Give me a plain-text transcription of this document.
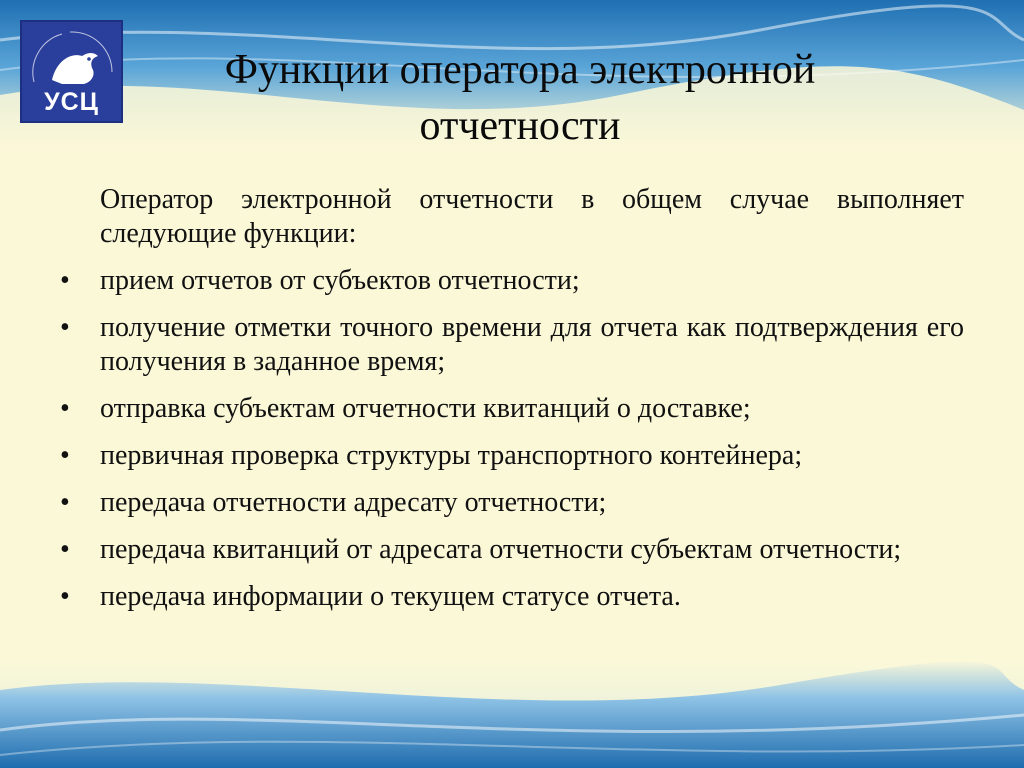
УСЦ
Функции оператора электронной отчетности
Оператор электронной отчетности в общем случае выполняет следующие функции:
• прием отчетов от субъектов отчетности;
• получение отметки точного времени для отчета как подтверждения его получения в заданное время;
• отправка субъектам отчетности квитанций о доставке;
• первичная проверка структуры транспортного контейнера;
• передача отчетности адресату отчетности;
• передача квитанций от адресата отчетности субъектам отчетности;
• передача информации о текущем статусе отчета.
